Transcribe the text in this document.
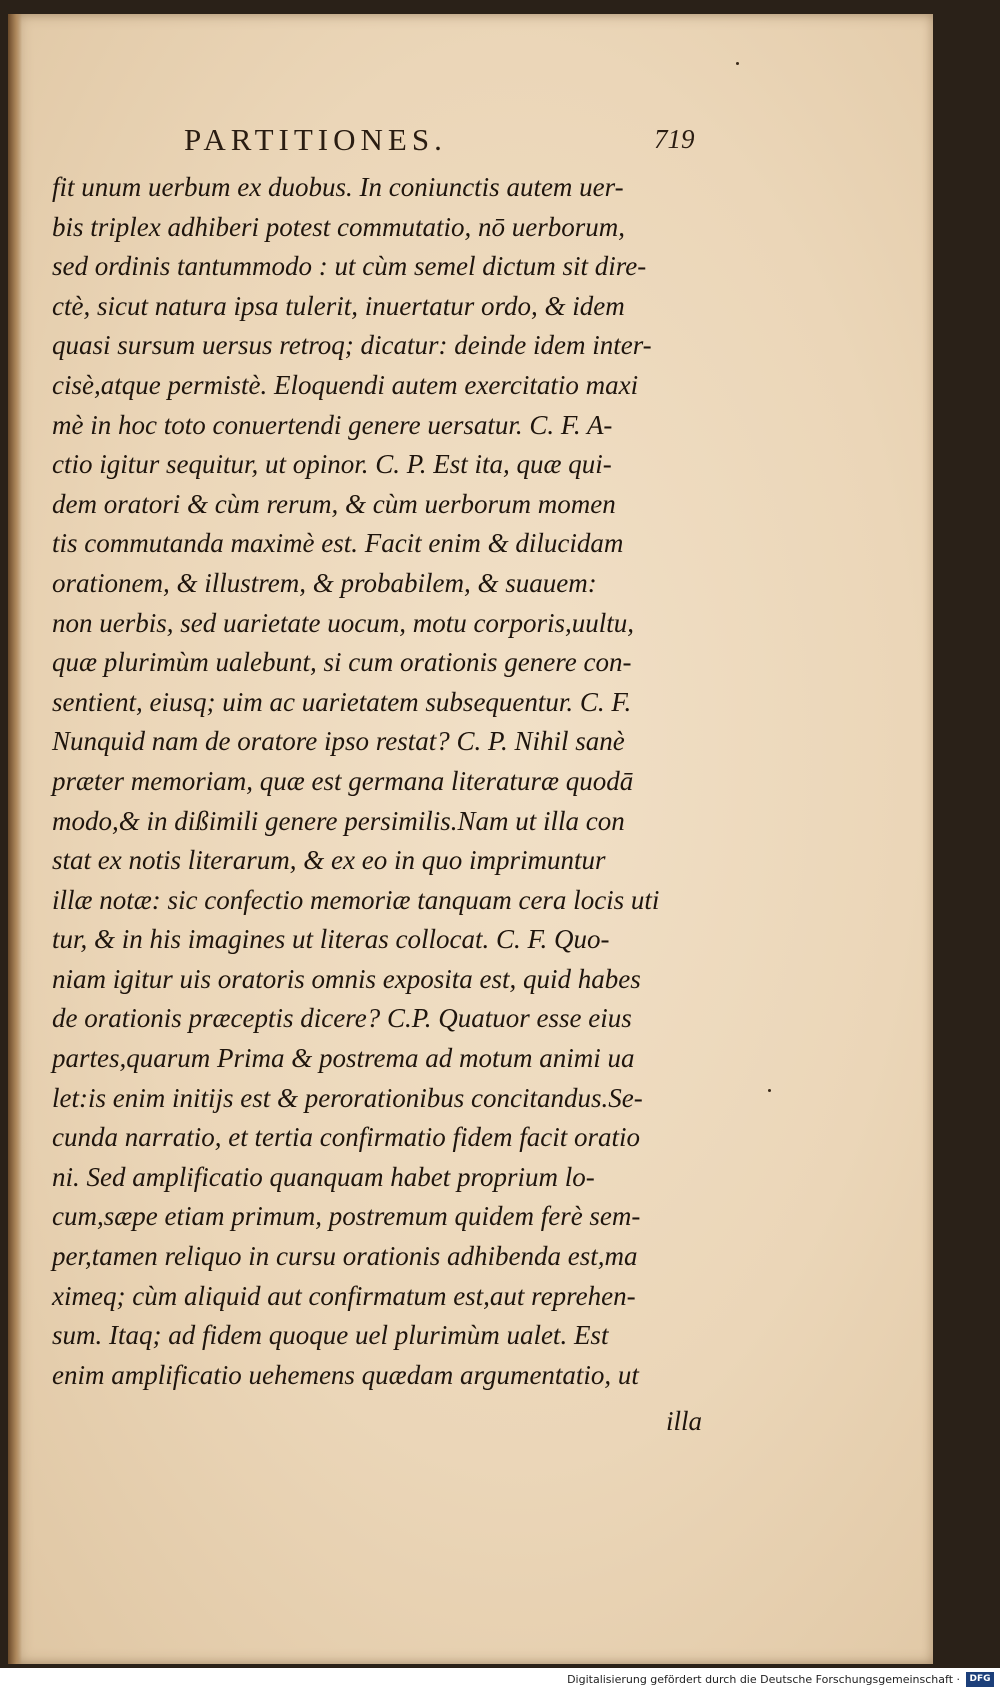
PARTITIONES.	719
fit unum uerbum ex duobus. In coniunctis autem uer-
bis triplex adhiberi potest commutatio, nō uerborum,
sed ordinis tantummodo : ut cùm semel dictum sit dire-
ctè, sicut natura ipsa tulerit, inuertatur ordo, & idem
quasi sursum uersus retroq; dicatur: deinde idem inter-
cisè,atque permistè. Eloquendi autem exercitatio maxi
mè in hoc toto conuertendi genere uersatur. C. F. A-
ctio igitur sequitur, ut opinor. C. P. Est ita, quæ qui-
dem oratori & cùm rerum, & cùm uerborum momen
tis commutanda maximè est. Facit enim & dilucidam
orationem, & illustrem, & probabilem, & suauem:
non uerbis, sed uarietate uocum, motu corporis,uultu,
quæ plurimùm ualebunt, si cum orationis genere con-
sentient, eiusq; uim ac uarietatem subsequentur. C. F.
Nunquid nam de oratore ipso restat? C. P. Nihil sanè
præter memoriam, quæ est germana literaturæ quodā
modo,& in dißimili genere persimilis.Nam ut illa con
stat ex notis literarum, & ex eo in quo imprimuntur
illæ notæ: sic confectio memoriæ tanquam cera locis uti
tur, & in his imagines ut literas collocat. C. F. Quo-
niam igitur uis oratoris omnis exposita est, quid habes
de orationis præceptis dicere? C.P. Quatuor esse eius
partes,quarum Prima & postrema ad motum animi ua
let:is enim initijs est & perorationibus concitandus.Se-
cunda narratio, et tertia confirmatio fidem facit oratio
ni. Sed amplificatio quanquam habet proprium lo-
cum,sæpe etiam primum, postremum quidem ferè sem-
per,tamen reliquo in cursu orationis adhibenda est,ma
ximeq; cùm aliquid aut confirmatum est,aut reprehen-
sum. Itaq; ad fidem quoque uel plurimùm ualet. Est
enim amplificatio uehemens quædam argumentatio, ut
illa
Digitalisierung gefördert durch die Deutsche Forschungsgemeinschaft ·	DFG
